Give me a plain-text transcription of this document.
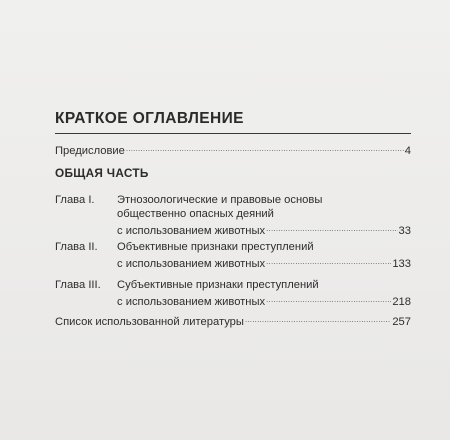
КРАТКОЕ ОГЛАВЛЕНИЕ
Предисловие .....	4
ОБЩАЯ ЧАСТЬ
Глава I. Этнозоологические и правовые основы
общественно опасных деяний
с использованием животных .....	33
Глава II. Объективные признаки преступлений
с использованием животных .....	133
Глава III. Субъективные признаки преступлений
с использованием животных .....	218
Список использованной литературы .....	257
